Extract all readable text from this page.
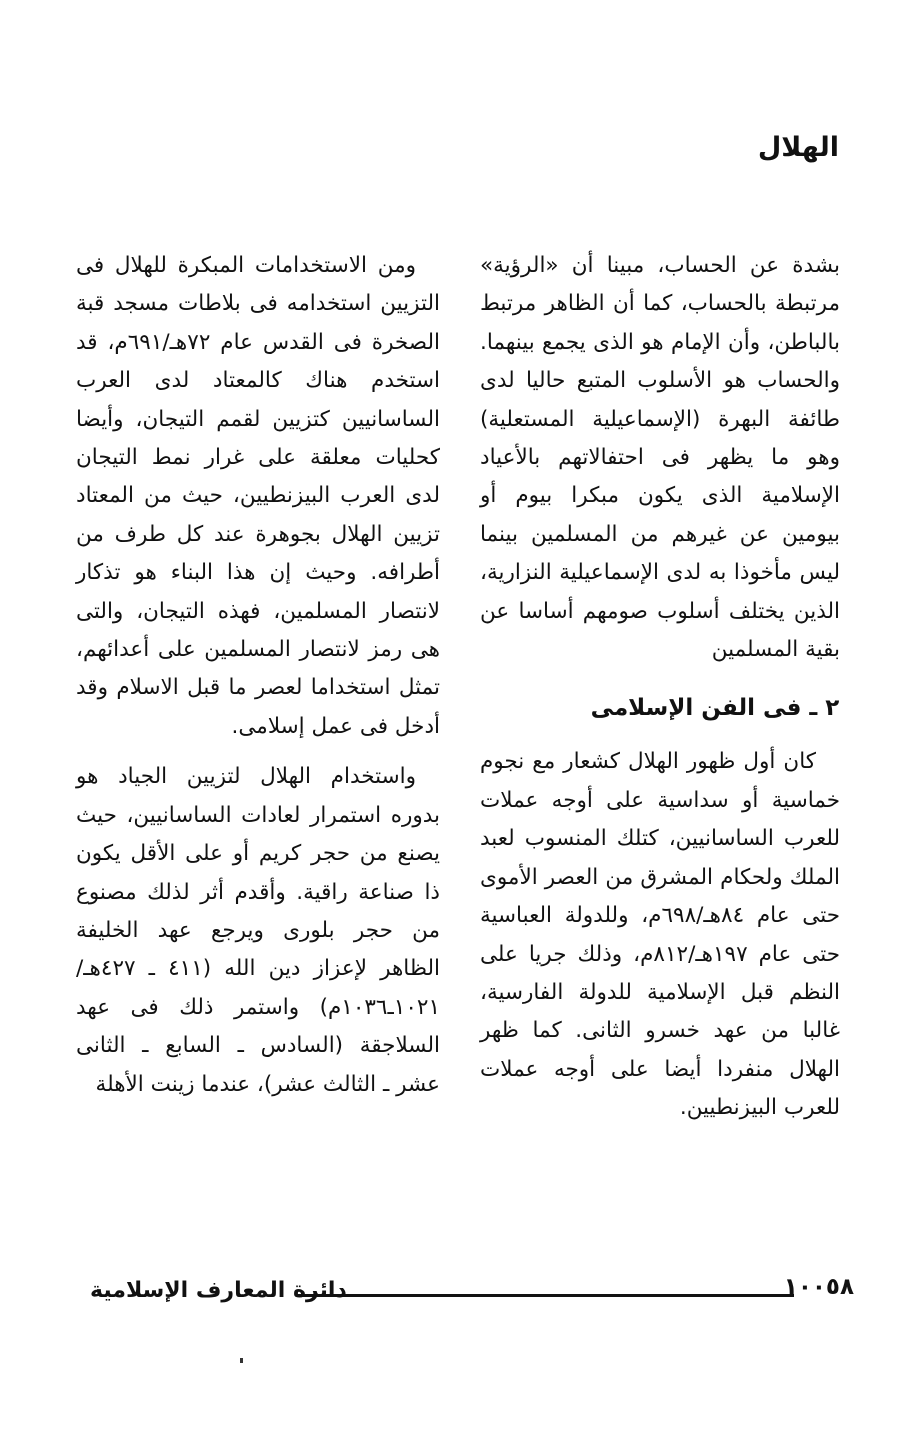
الهلال

بشدة عن الحساب، مبينا أن «الرؤية» مرتبطة بالحساب، كما أن الظاهر مرتبط بالباطن، وأن الإمام هو الذى يجمع بينهما. والحساب هو الأسلوب المتبع حاليا لدى طائفة البهرة (الإسماعيلية المستعلية) وهو ما يظهر فى احتفالاتهم بالأعياد الإسلامية الذى يكون مبكرا بيوم أو بيومين عن غيرهم من المسلمين بينما ليس مأخوذا به لدى الإسماعيلية النزارية، الذين يختلف أسلوب صومهم أساسا عن بقية المسلمين

٢ ـ فى الفن الإسلامى

كان أول ظهور الهلال كشعار مع نجوم خماسية أو سداسية على أوجه عملات للعرب الساسانيين، كتلك المنسوب لعبد الملك ولحكام المشرق من العصر الأموى حتى عام ٨٤هـ/٦٩٨م، وللدولة العباسية حتى عام ١٩٧هـ/٨١٢م، وذلك جريا على النظم قبل الإسلامية للدولة الفارسية، غالبا من عهد خسرو الثانى. كما ظهر الهلال منفردا أيضا على أوجه عملات للعرب البيزنطيين.

ومن الاستخدامات المبكرة للهلال فى التزيين استخدامه فى بلاطات مسجد قبة الصخرة فى القدس عام ٧٢هـ/٦٩١م، قد استخدم هناك كالمعتاد لدى العرب الساسانيين كتزيين لقمم التيجان، وأيضا كحليات معلقة على غرار نمط التيجان لدى العرب البيزنطيين، حيث من المعتاد تزيين الهلال بجوهرة عند كل طرف من أطرافه. وحيث إن هذا البناء هو تذكار لانتصار المسلمين، فهذه التيجان، والتى هى رمز لانتصار المسلمين على أعدائهم، تمثل استخداما لعصر ما قبل الاسلام وقد أدخل فى عمل إسلامى.

واستخدام الهلال لتزيين الجياد هو بدوره استمرار لعادات الساسانيين، حيث يصنع من حجر كريم أو على الأقل يكون ذا صناعة راقية. وأقدم أثر لذلك مصنوع من حجر بلورى ويرجع عهد الخليفة الظاهر لإعزاز دين الله (٤١١ ـ ٤٢٧هـ/١٠٢١ـ١٠٣٦م) واستمر ذلك فى عهد السلاجقة (السادس ـ السابع ـ الثانى عشر ـ الثالث عشر)، عندما زينت الأهلة

دائرة المعارف الإسلامية	١٠٠٥٨
